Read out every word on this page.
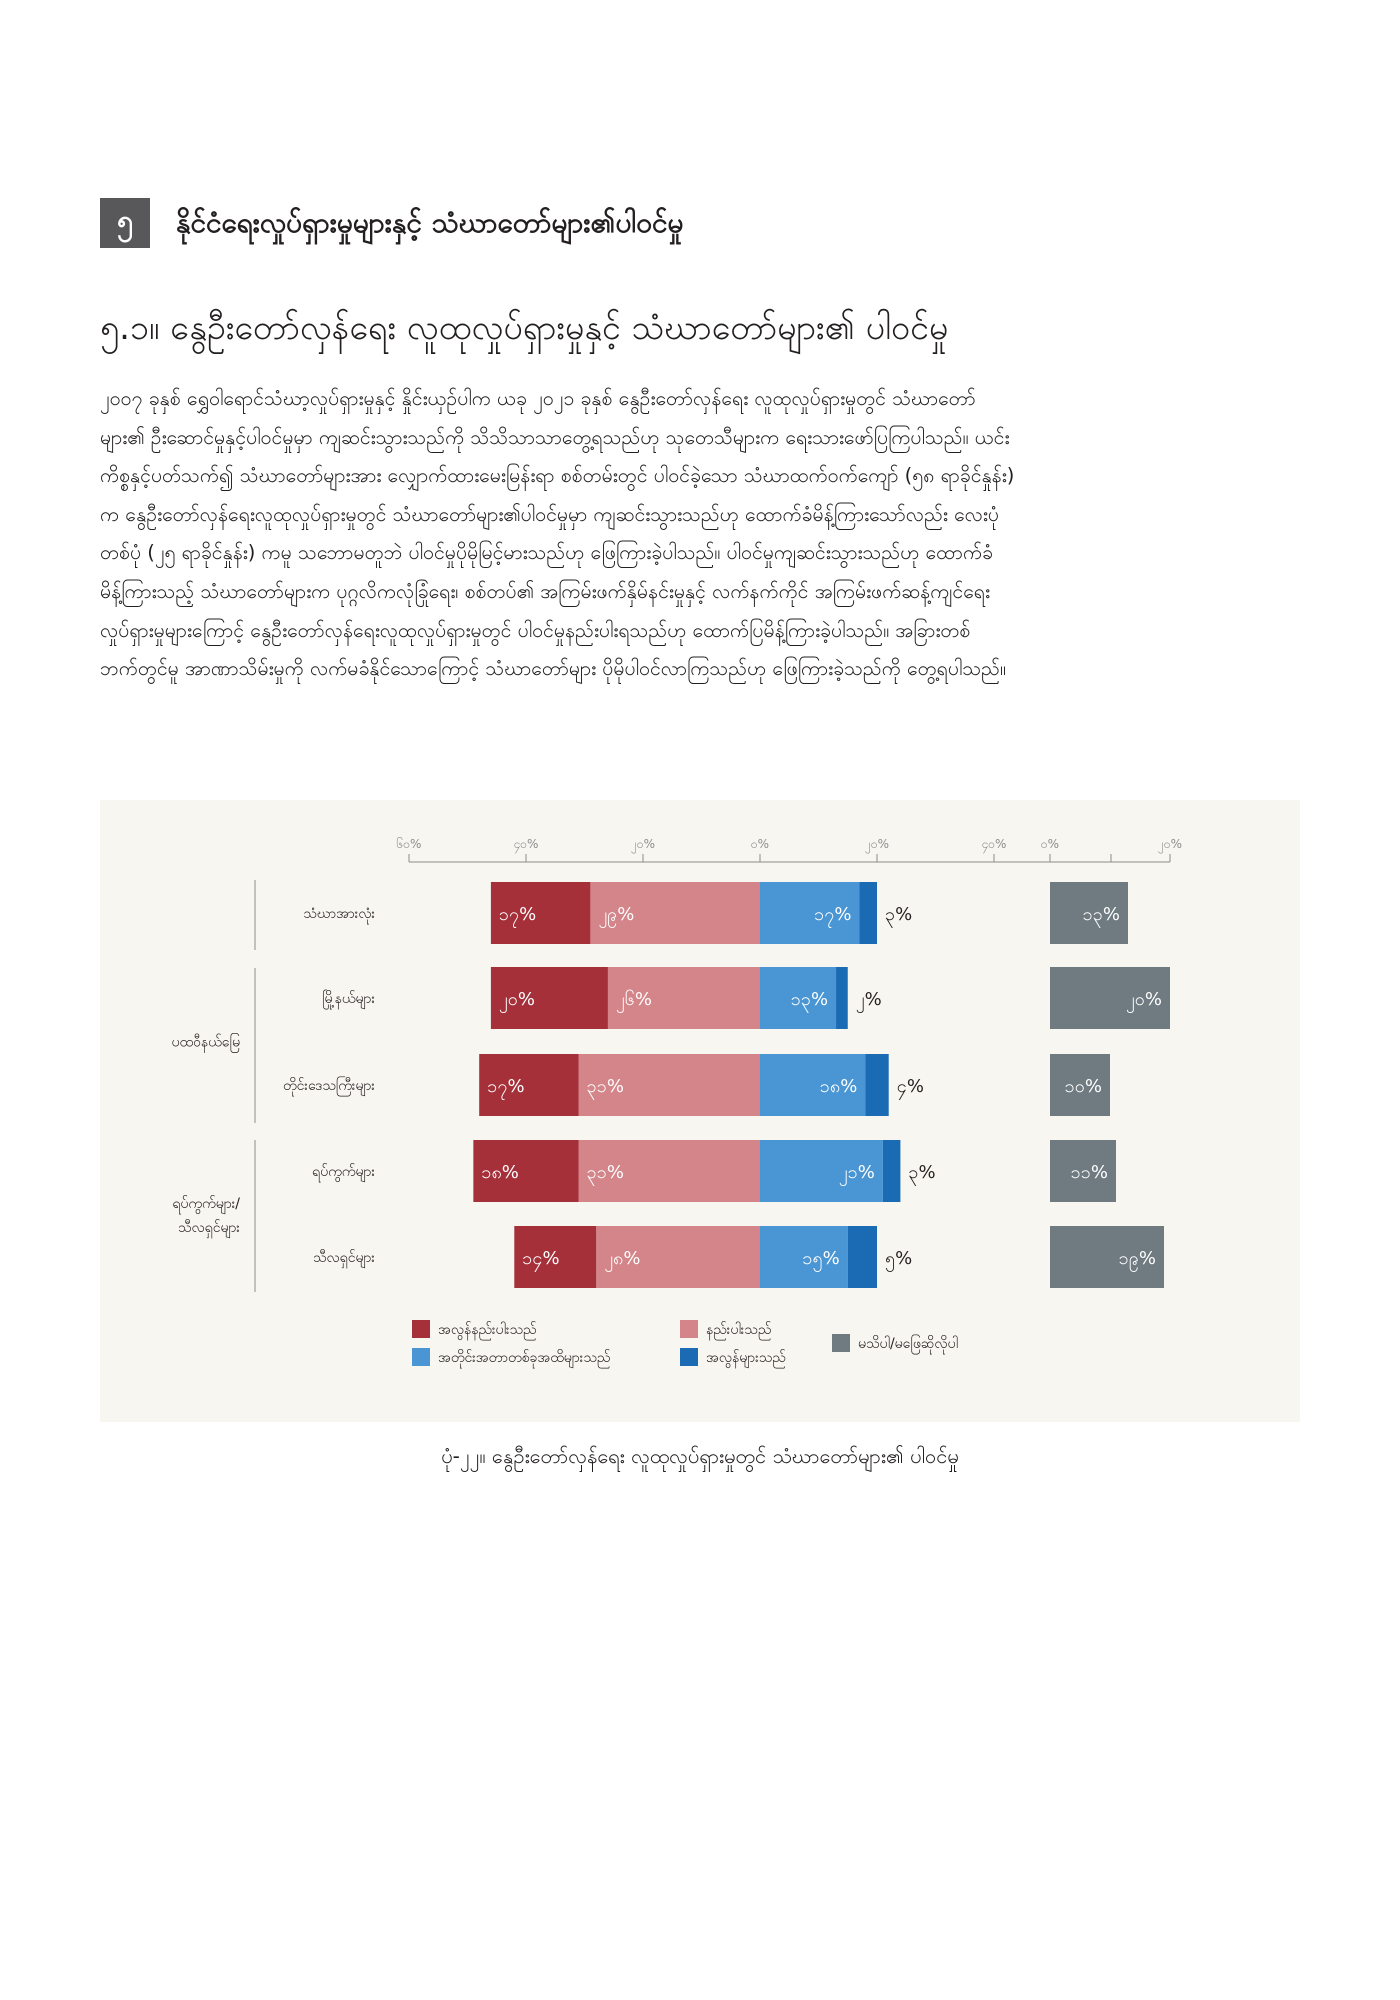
၅	နိုင်ငံရေးလှုပ်ရှားမှုများနှင့် သံဃာတော်များ၏ပါဝင်မှု
၅.၁။ နွေဦးတော်လှန်ရေး လူထုလှုပ်ရှားမှုနှင့် သံဃာတော်များ၏ ပါဝင်မှု
၂၀၀၇ ခုနှစ် ရွှေဝါရောင်သံဃာ့လှုပ်ရှားမှုနှင့် နှိုင်းယှဉ်ပါက ယခု ၂၀၂၁ ခုနှစ် နွေဦးတော်လှန်ရေး လူထုလှုပ်ရှားမှုတွင် သံဃာတော်
များ၏ ဦးဆောင်မှုနှင့်ပါဝင်မှုမှာ ကျဆင်းသွားသည်ကို သိသိသာသာတွေ့ရသည်ဟု သုတေသီများက ရေးသားဖော်ပြကြပါသည်။ ယင်း
ကိစ္စနှင့်ပတ်သက်၍ သံဃာတော်များအား လျှောက်ထားမေးမြန်းရာ စစ်တမ်းတွင် ပါဝင်ခဲ့သော သံဃာထက်ဝက်ကျော် (၅၈ ရာခိုင်နှုန်း)
က နွေဦးတော်လှန်ရေးလူထုလှုပ်ရှားမှုတွင် သံဃာတော်များ၏ပါဝင်မှုမှာ ကျဆင်းသွားသည်ဟု ထောက်ခံမိန့်ကြားသော်လည်း လေးပုံ
တစ်ပုံ (၂၅ ရာခိုင်နှုန်း) ကမူ သဘောမတူဘဲ ပါဝင်မှုပိုမိုမြင့်မားသည်ဟု ဖြေကြားခဲ့ပါသည်။ ပါဝင်မှုကျဆင်းသွားသည်ဟု ထောက်ခံ
မိန့်ကြားသည့် သံဃာတော်များက ပုဂ္ဂလိကလုံခြုံရေး၊ စစ်တပ်၏ အကြမ်းဖက်နှိမ်နင်းမှုနှင့် လက်နက်ကိုင် အကြမ်းဖက်ဆန့်ကျင်ရေး
လှုပ်ရှားမှုများကြောင့် နွေဦးတော်လှန်ရေးလူထုလှုပ်ရှားမှုတွင် ပါဝင်မှုနည်းပါးရသည်ဟု ထောက်ပြမိန့်ကြားခဲ့ပါသည်။ အခြားတစ်
ဘက်တွင်မူ အာဏာသိမ်းမှုကို လက်မခံနိုင်သောကြောင့် သံဃာတော်များ ပိုမိုပါဝင်လာကြသည်ဟု ဖြေကြားခဲ့သည်ကို တွေ့ရပါသည်။
၆၀%	၄၀%	၂၀%	၀%	၂၀%	၄၀%	၀%	၂၀%
သံဃာအားလုံး
မြို့နယ်များ
တိုင်းဒေသကြီးများ
ရပ်ကွက်များ
သီလရှင်များ
ပထဝီနယ်မြေ
ရပ်ကွက်များ/
သီလရှင်များ
၂၉%
၁၇%	၁၇% ၃%	၁၃%
၂၆%
၂၀%	၁၃% ၂%	၂၀%
၃၁%
၁၇%	၁၈% ၄%	၁၀%
၃၁%
၁၈%	၂၁% ၃%	၁၁%
၂၈%
၁၄%	၁၅%	၅%	၁၉%
အလွန်နည်းပါးသည်	နည်းပါးသည်
အတိုင်းအတာတစ်ခုအထိများသည်	အလွန်များသည်
မသိပါ/မဖြေဆိုလိုပါ
ပုံ-၂၂။ နွေဦးတော်လှန်ရေး လူထုလှုပ်ရှားမှုတွင် သံဃာတော်များ၏ ပါဝင်မှု
